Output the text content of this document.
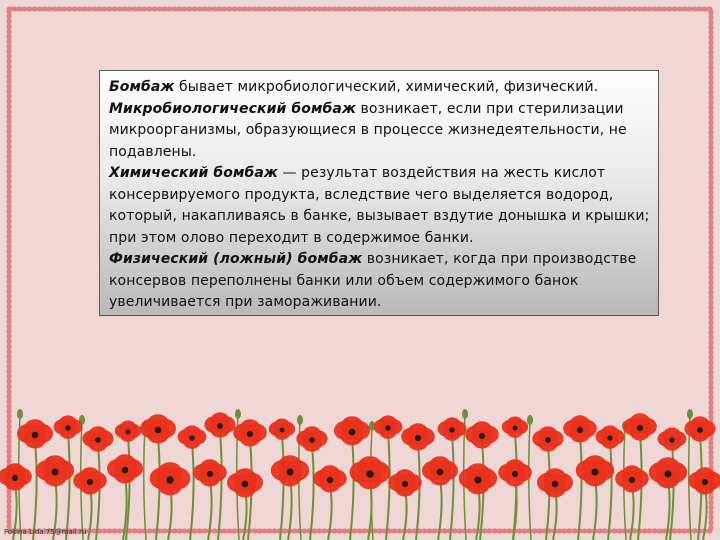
Бомбаж бывает микробиологический, химический, физический.

Микробиологический бомбаж возникает, если при стерилизации микроорганизмы, образующиеся в процессе жизнедеятельности, не подавлены.

Химический бомбаж — результат воздействия на жесть кислот консервируемого продукта, вследствие чего выделяется водород, который, накапливаясь в банке, вызывает вздутие донышка и крышки; при этом олово переходит в содержимое банки.

Физический (ложный) бомбаж возникает, когда при производстве консервов переполнены банки или объем содержимого банок увеличивается при замораживании.

Fokina.Lida.75@mail.ru
